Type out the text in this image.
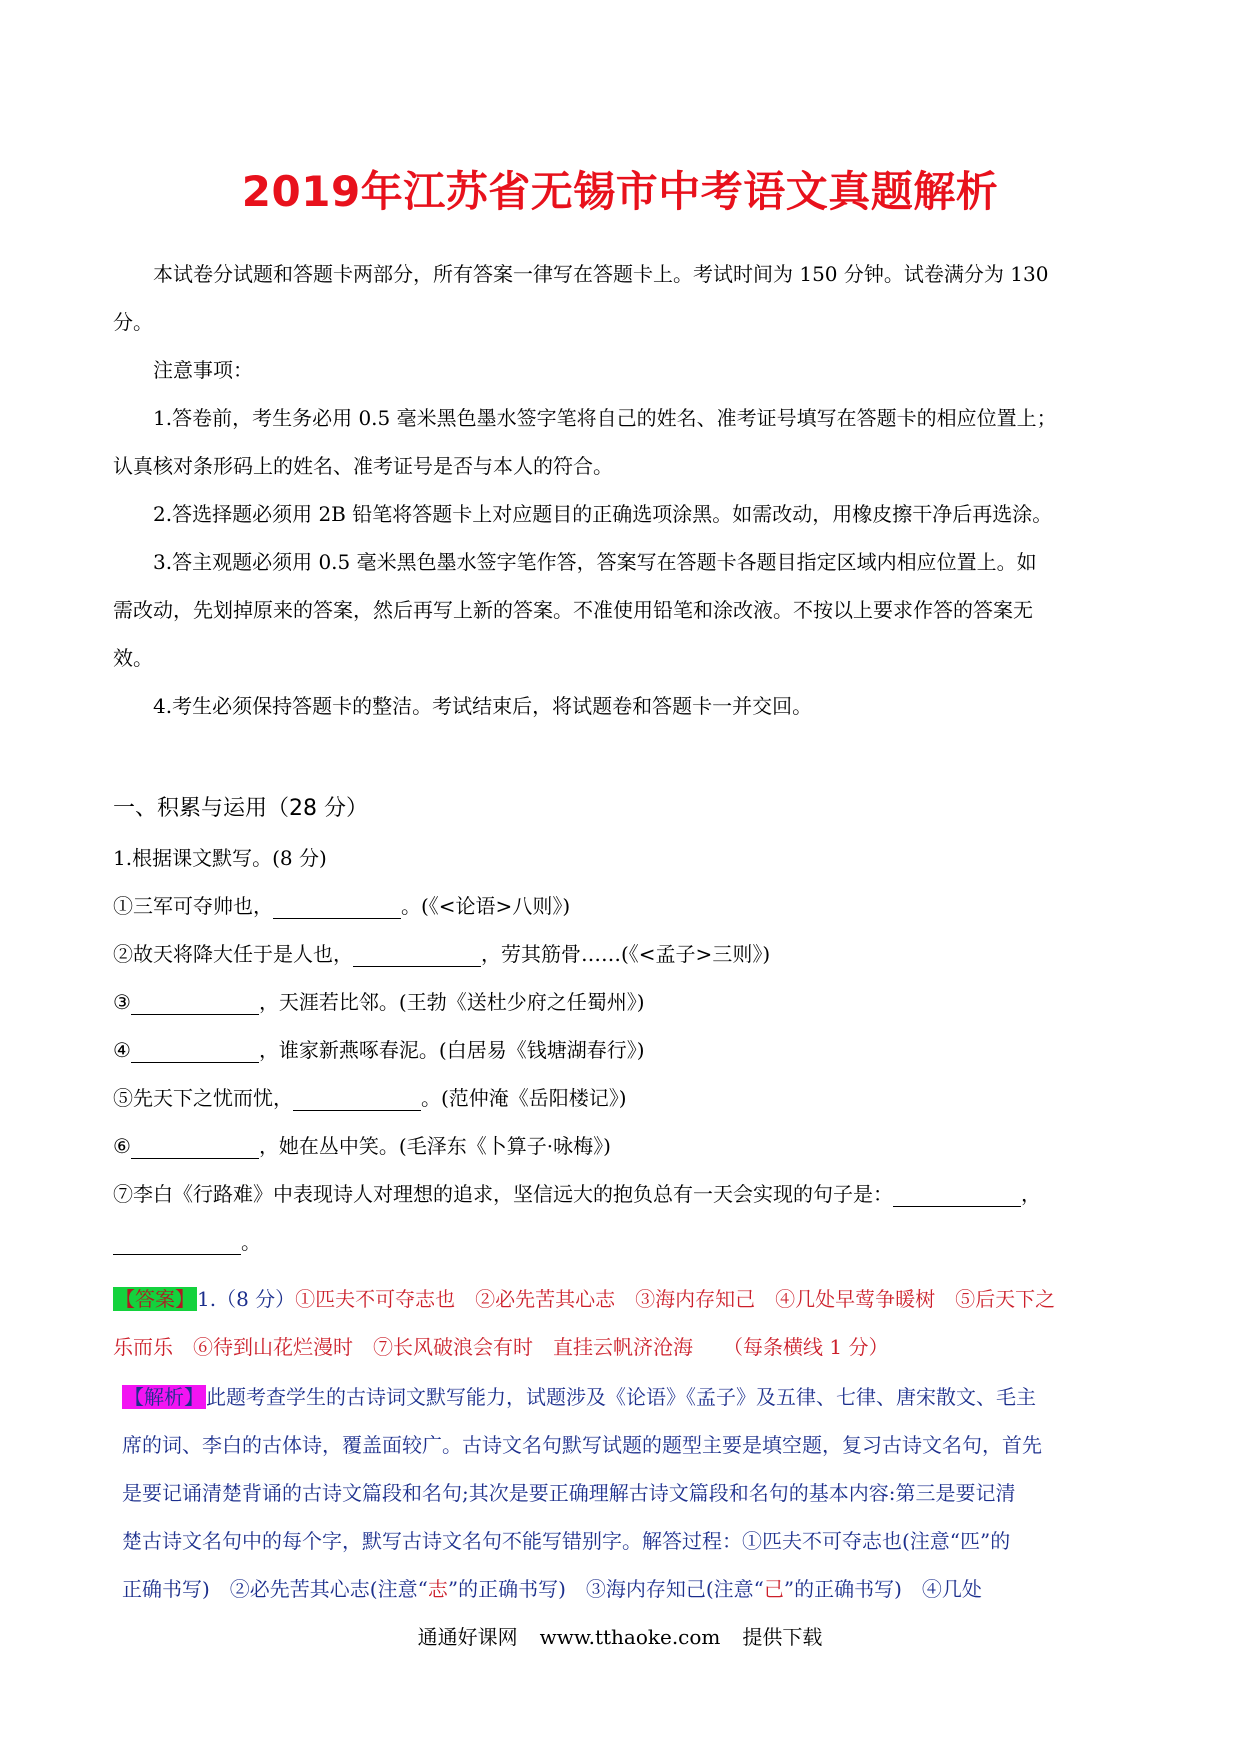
2019年江苏省无锡市中考语文真题解析

本试卷分试题和答题卡两部分，所有答案一律写在答题卡上。考试时间为 150 分钟。试卷满分为 130

分。

注意事项：

1.答卷前，考生务必用 0.5 毫米黑色墨水签字笔将自己的姓名、准考证号填写在答题卡的相应位置上；

认真核对条形码上的姓名、准考证号是否与本人的符合。

2.答选择题必须用 2B 铅笔将答题卡上对应题目的正确选项涂黑。如需改动，用橡皮擦干净后再选涂。

3.答主观题必须用 0.5 毫米黑色墨水签字笔作答，答案写在答题卡各题目指定区域内相应位置上。如

需改动，先划掉原来的答案，然后再写上新的答案。不准使用铅笔和涂改液。不按以上要求作答的答案无

效。

4.考生必须保持答题卡的整洁。考试结束后，将试题卷和答题卡一并交回。

一、积累与运用（28 分）

1.根据课文默写。(8 分)

①三军可夺帅也，	。(《<论语>八则》)

②故天将降大任于是人也，	，劳其筋骨……(《<孟子>三则》)

③	，天涯若比邻。(王勃《送杜少府之任蜀州》)

④	，谁家新燕啄春泥。(白居易《钱塘湖春行》)

⑤先天下之忧而忧，	。(范仲淹《岳阳楼记》)

⑥	，她在丛中笑。(毛泽东《卜算子·咏梅》)

⑦李白《行路难》中表现诗人对理想的追求，坚信远大的抱负总有一天会实现的句子是：	，

。

【答案】 1.（8 分）①匹夫不可夺志也　②必先苦其心志　③海内存知己　④几处早莺争暖树　⑤后天下之

乐而乐　⑥待到山花烂漫时　⑦长风破浪会有时　直挂云帆济沧海　　（每条横线 1 分）

【解析】 此题考查学生的古诗词文默写能力，试题涉及《论语》《孟子》及五律、七律、唐宋散文、毛主

席的词、李白的古体诗，覆盖面较广。古诗文名句默写试题的题型主要是填空题，复习古诗文名句，首先

是要记诵清楚背诵的古诗文篇段和名句;其次是要正确理解古诗文篇段和名句的基本内容:第三是要记清

楚古诗文名句中的每个字，默写古诗文名句不能写错别字。解答过程：①匹夫不可夺志也(注意“匹”的

正确书写)　②必先苦其心志(注意“志”的正确书写)　③海内存知己(注意“己”的正确书写)　④几处

通通好课网 www.tthaoke.com 提供下载
